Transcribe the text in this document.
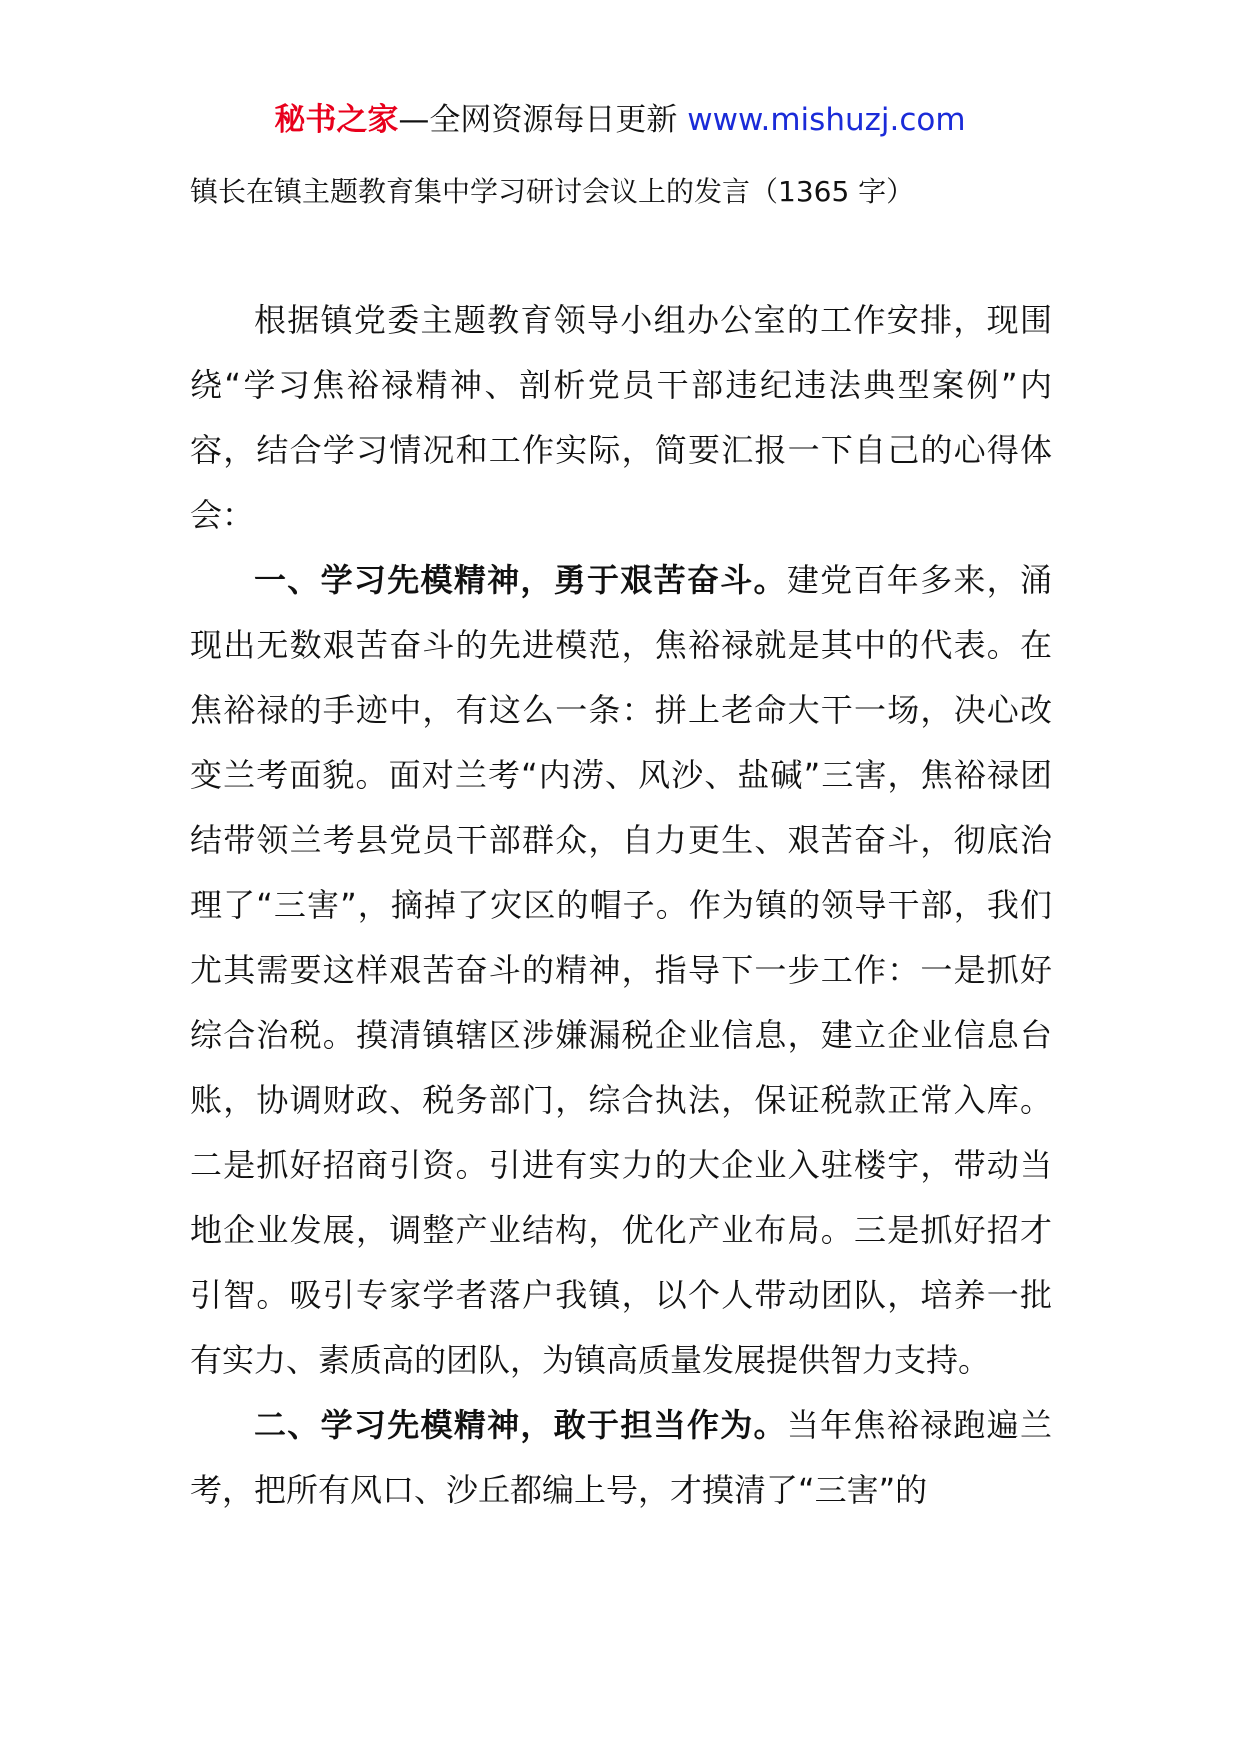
秘书之家—全网资源每日更新 www.mishuzj.com
镇长在镇主题教育集中学习研讨会议上的发言（1365 字）

根据镇党委主题教育领导小组办公室的工作安排，现围绕“学习焦裕禄精神、剖析党员干部违纪违法典型案例”内容，结合学习情况和工作实际，简要汇报一下自己的心得体会：

一、学习先模精神，勇于艰苦奋斗。建党百年多来，涌现出无数艰苦奋斗的先进模范，焦裕禄就是其中的代表。在焦裕禄的手迹中，有这么一条：拼上老命大干一场，决心改变兰考面貌。面对兰考“内涝、风沙、盐碱”三害，焦裕禄团结带领兰考县党员干部群众，自力更生、艰苦奋斗，彻底治理了“三害”，摘掉了灾区的帽子。作为镇的领导干部，我们尤其需要这样艰苦奋斗的精神，指导下一步工作：一是抓好综合治税。摸清镇辖区涉嫌漏税企业信息，建立企业信息台账，协调财政、税务部门，综合执法，保证税款正常入库。二是抓好招商引资。引进有实力的大企业入驻楼宇，带动当地企业发展，调整产业结构，优化产业布局。三是抓好招才引智。吸引专家学者落户我镇，以个人带动团队，培养一批有实力、素质高的团队，为镇高质量发展提供智力支持。

二、学习先模精神，敢于担当作为。当年焦裕禄跑遍兰考，把所有风口、沙丘都编上号，才摸清了“三害”的
